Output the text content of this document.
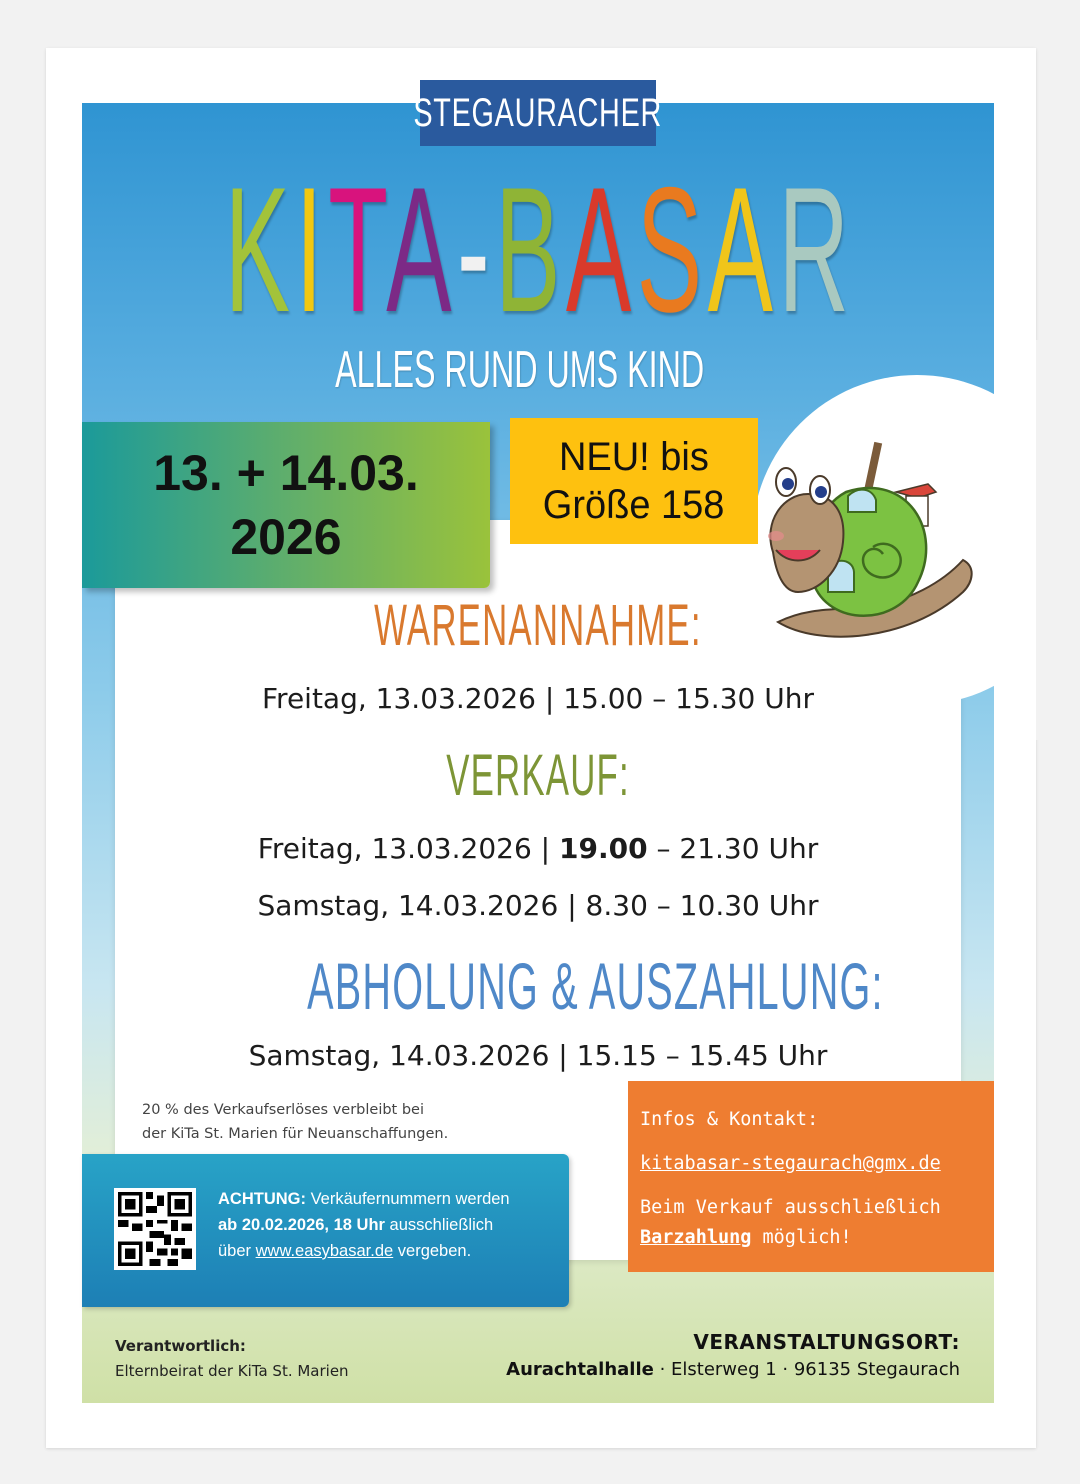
STEGAURACHER
KITA-BASAR
ALLES RUND UMS KIND
13. + 14.03.
2026
NEU! bis
Größe 158
WARENANNAHME:
Freitag, 13.03.2026 | 15.00 – 15.30 Uhr
VERKAUF:
Freitag, 13.03.2026 | 19.00 – 21.30 Uhr
Samstag, 14.03.2026 | 8.30 – 10.30 Uhr
ABHOLUNG & AUSZAHLUNG:
Samstag, 14.03.2026 | 15.15 – 15.45 Uhr
20 % des Verkaufserlöses verbleibt bei
der KiTa St. Marien für Neuanschaffungen.
Infos & Kontakt:
kitabasar-stegaurach@gmx.de
Beim Verkauf ausschließlich
Barzahlung möglich!
ACHTUNG: Verkäufernummern werden
ab 20.02.2026, 18 Uhr ausschließlich
über www.easybasar.de vergeben.
Verantwortlich:
Elternbeirat der KiTa St. Marien
VERANSTALTUNGSORT:
Aurachtalhalle · Elsterweg 1 · 96135 Stegaurach
